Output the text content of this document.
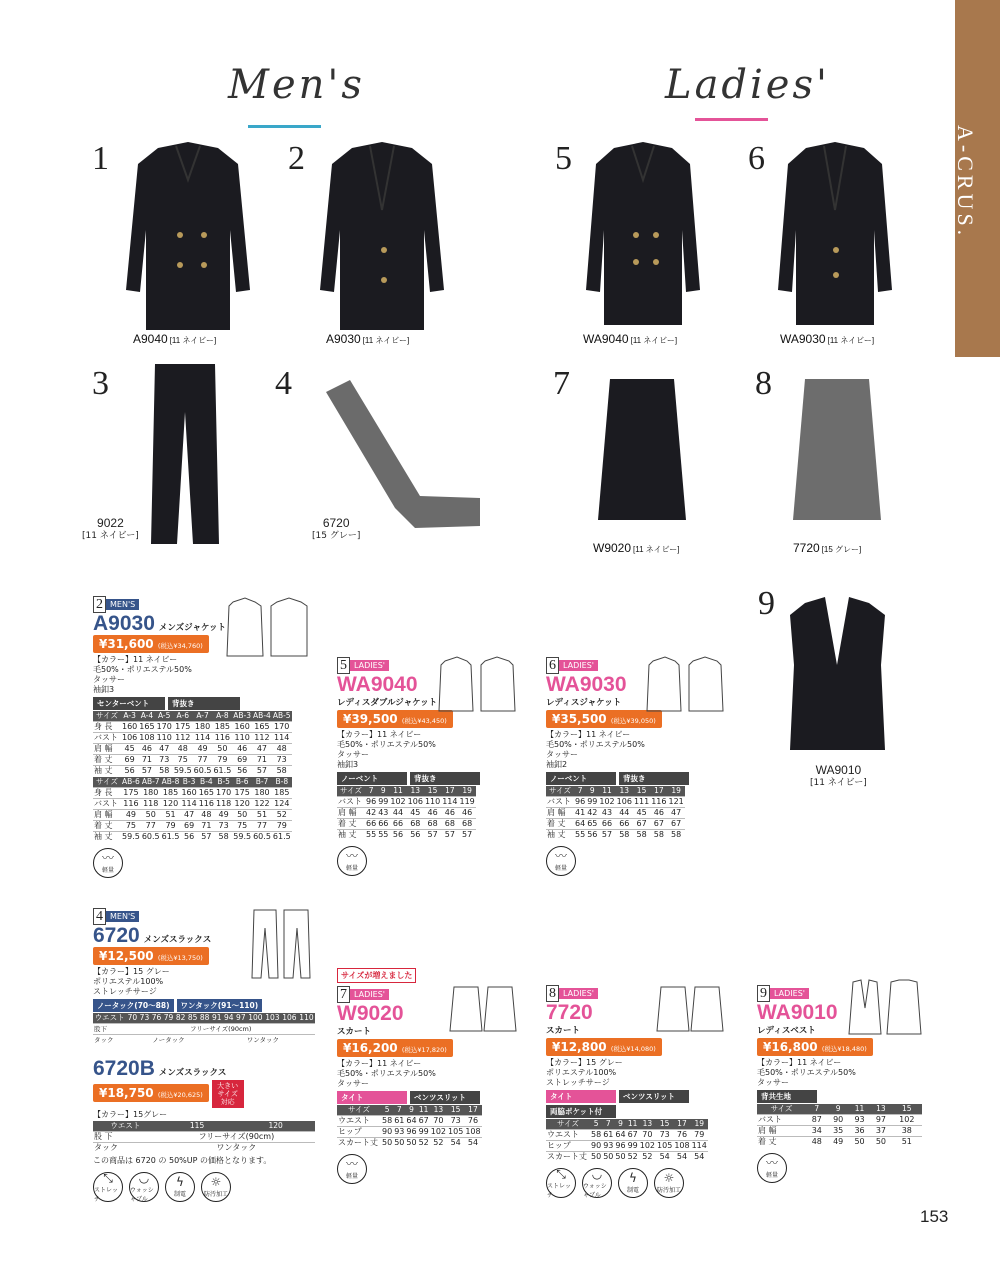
Men's	Ladies'
A-CRUS.
1	2	5	6
3	4	7	8
9
A9040 [11 ネイビー]	A9030 [11 ネイビー]	WA9040 [11 ネイビー]	WA9030 [11 ネイビー]
9022
[11 ネイビー]
6720
[15 グレー]
W9020 [11 ネイビー]	7720 [15 グレー]
WA9010
[11 ネイビー]
2 MEN'S
A9030 メンズジャケット
¥31,600 (税込¥34,760)
【カラー】11 ネイビー
毛50%・ポリエステル50%
タッサー
袖釦3
センターベント	背抜き
サイズ	A-3	A-4	A-5	A-6	A-7	A-8	AB-3	AB-4	AB-5
身 長	160	165	170	175	180	185	160	165	170
バスト	106	108	110	112	114	116	110	112	114
肩 幅	45	46	47	48	49	50	46	47	48
着 丈	69	71	73	75	77	79	69	71	73
袖 丈	56	57	58	59.5	60.5	61.5	56	57	58
サイズ	AB-6	AB-7	AB-8	B-3	B-4	B-5	B-6	B-7	B-8
身 長	175	180	185	160	165	170	175	180	185
バスト	116	118	120	114	116	118	120	122	124
肩 幅	49	50	51	47	48	49	50	51	52
着 丈	75	77	79	69	71	73	75	77	79
袖 丈	59.5	60.5	61.5	56	57	58	59.5	60.5	61.5
〰
軽量
5 LADIES'
WA9040
レディスダブルジャケット
¥39,500 (税込¥43,450)
【カラー】11 ネイビー
毛50%・ポリエステル50%
タッサー
袖釦3
ノーベント	背抜き
サイズ	7	9	11	13	15	17	19
バスト	96	99	102	106	110	114	119
肩 幅	42	43	44	45	46	46	46
着 丈	66	66	66	68	68	68	68
袖 丈	55	55	56	56	57	57	57
〰
軽量
6 LADIES'
WA9030
レディスジャケット
¥35,500 (税込¥39,050)
【カラー】11 ネイビー
毛50%・ポリエステル50%
タッサー
袖釦2
ノーベント	背抜き
サイズ	7	9	11	13	15	17	19
バスト	96	99	102	106	111	116	121
肩 幅	41	42	43	44	45	46	47
着 丈	64	65	66	66	67	67	67
袖 丈	55	56	57	58	58	58	58
〰
軽量
4 MEN'S
6720 メンズスラックス
¥12,500 (税込¥13,750)
【カラー】15 グレー
ポリエステル100%
ストレッチサージ
ノータック(70〜88)	ワンタック(91〜110)
ウエスト	70	73	76	79	82	85	88	91	94	97	100	103	106	110
股下	フリーサイズ(90cm)													
タック	ノータック							ワンタック						
6720B メンズスラックス
¥18,750 (税込¥20,625) 大きいサイズ対応
【カラー】15グレー
ウエスト	115	120
股 下	フリーサイズ(90cm)	
タック	ワンタック	
この商品は 6720 の 50%UP の価格となります。
⤡
ストレッチ
◡
ウォッシャブル
ϟ
制電
☼
防汚加工
サイズが増えました
7 LADIES'
W9020
スカート
¥16,200 (税込¥17,820)
【カラー】11 ネイビー
毛50%・ポリエステル50%
タッサー
タイト	ベンツスリット
サイズ	5	7	9	11	13	15	17
ウエスト	58	61	64	67	70	73	76
ヒップ	90	93	96	99	102	105	108
スカート丈	50	50	50	52	52	54	54
〰
軽量
8 LADIES'
7720
スカート
¥12,800 (税込¥14,080)
【カラー】15 グレー
ポリエステル100%
ストレッチサージ
タイト	ベンツスリット
両脇ポケット付
サイズ	5	7	9	11	13	15	17	19
ウエスト	58	61	64	67	70	73	76	79
ヒップ	90	93	96	99	102	105	108	114
スカート丈	50	50	50	52	52	54	54	54
⤡
ストレッチ
◡
ウォッシャブル
ϟ
制電
☼
防汚加工
9 LADIES'
WA9010
レディスベスト
¥16,800 (税込¥18,480)
【カラー】11 ネイビー
毛50%・ポリエステル50%
タッサー
背共生地
サイズ	7	9	11	13	15
バスト	87	90	93	97	102
肩 幅	34	35	36	37	38
着 丈	48	49	50	50	51
〰
軽量
153
